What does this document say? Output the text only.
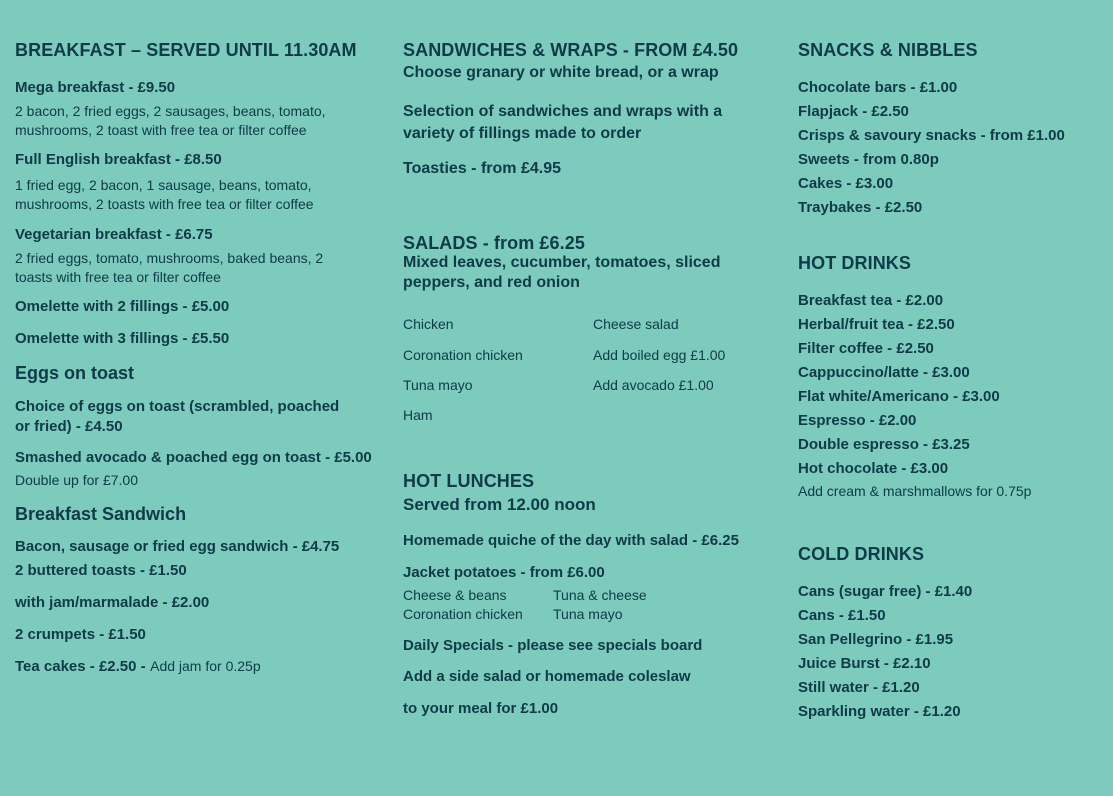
BREAKFAST – SERVED UNTIL 11.30AM
Mega breakfast - £9.50
2 bacon, 2 fried eggs, 2 sausages, beans, tomato, mushrooms, 2 toast with free tea or filter coffee
Full English breakfast - £8.50
1 fried egg, 2 bacon, 1 sausage, beans, tomato, mushrooms, 2 toasts with free tea or filter coffee
Vegetarian breakfast - £6.75
2 fried eggs, tomato, mushrooms, baked beans, 2 toasts with free tea or filter coffee
Omelette with 2 fillings - £5.00
Omelette with 3 fillings - £5.50
Eggs on toast
Choice of eggs on toast (scrambled, poached or fried) - £4.50
Smashed avocado & poached egg on toast - £5.00
Double up for £7.00
Breakfast Sandwich
Bacon, sausage or fried egg sandwich - £4.75
2 buttered toasts - £1.50
with jam/marmalade - £2.00
2 crumpets - £1.50
Tea cakes - £2.50 - Add jam for 0.25p
SANDWICHES & WRAPS - FROM £4.50
Choose granary or white bread, or a wrap
Selection of sandwiches and wraps with a variety of fillings made to order
Toasties - from £4.95
SALADS - from £6.25
Mixed leaves, cucumber, tomatoes, sliced peppers, and red onion
Chicken
Coronation chicken
Tuna mayo
Ham
Cheese salad
Add boiled egg £1.00
Add avocado £1.00
HOT LUNCHES
Served from 12.00 noon
Homemade quiche of the day with salad - £6.25
Jacket potatoes - from £6.00
Cheese & beans
Coronation chicken
Tuna & cheese
Tuna mayo
Daily Specials - please see specials board
Add a side salad or homemade coleslaw
to your meal for £1.00
SNACKS & NIBBLES
Chocolate bars - £1.00
Flapjack - £2.50
Crisps & savoury snacks - from £1.00
Sweets - from 0.80p
Cakes - £3.00
Traybakes - £2.50
HOT DRINKS
Breakfast tea - £2.00
Herbal/fruit tea - £2.50
Filter coffee - £2.50
Cappuccino/latte - £3.00
Flat white/Americano - £3.00
Espresso - £2.00
Double espresso - £3.25
Hot chocolate - £3.00
Add cream & marshmallows for 0.75p
COLD DRINKS
Cans (sugar free) - £1.40
Cans - £1.50
San Pellegrino - £1.95
Juice Burst - £2.10
Still water - £1.20
Sparkling water - £1.20
